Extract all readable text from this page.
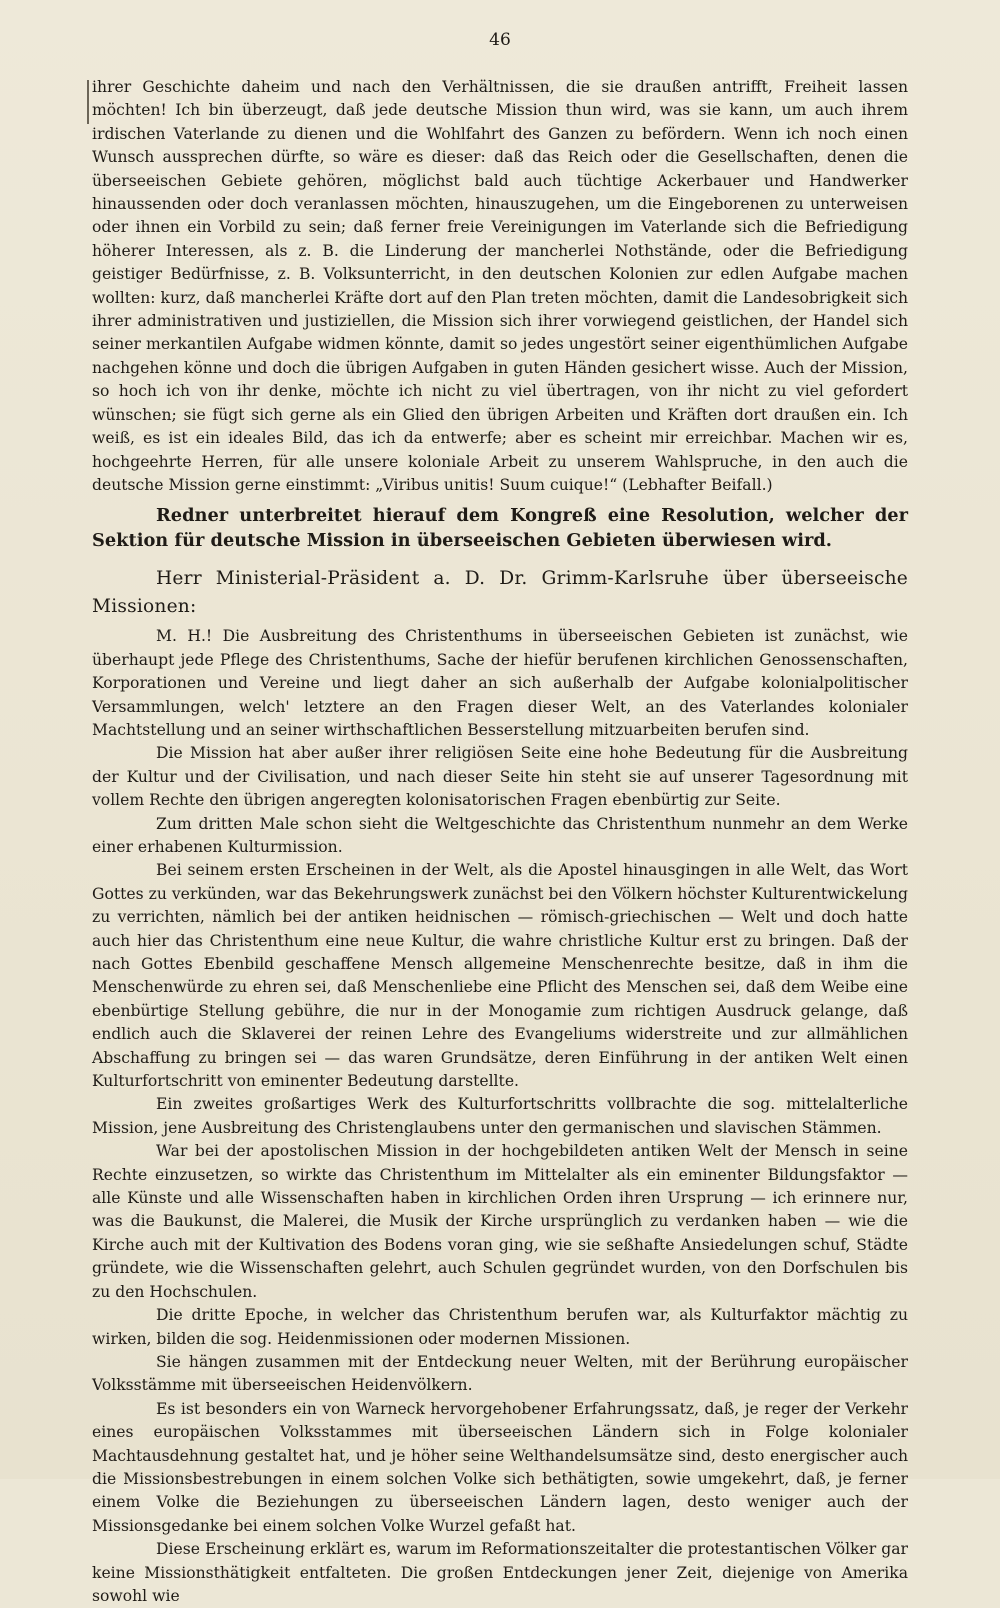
46

ihrer Geschichte daheim und nach den Verhältnissen, die sie draußen antrifft, Freiheit lassen möchten! Ich bin überzeugt, daß jede deutsche Mission thun wird, was sie kann, um auch ihrem irdischen Vaterlande zu dienen und die Wohlfahrt des Ganzen zu befördern. Wenn ich noch einen Wunsch aussprechen dürfte, so wäre es dieser: daß das Reich oder die Gesellschaften, denen die überseeischen Gebiete gehören, möglichst bald auch tüchtige Ackerbauer und Handwerker hinaussenden oder doch veranlassen möchten, hinauszugehen, um die Eingeborenen zu unterweisen oder ihnen ein Vorbild zu sein; daß ferner freie Vereinigungen im Vaterlande sich die Befriedigung höherer Interessen, als z. B. die Linderung der mancherlei Nothstände, oder die Befriedigung geistiger Bedürfnisse, z. B. Volksunterricht, in den deutschen Kolonien zur edlen Aufgabe machen wollten: kurz, daß mancherlei Kräfte dort auf den Plan treten möchten, damit die Landesobrigkeit sich ihrer administrativen und justiziellen, die Mission sich ihrer vorwiegend geistlichen, der Handel sich seiner merkantilen Aufgabe widmen könnte, damit so jedes ungestört seiner eigenthümlichen Aufgabe nachgehen könne und doch die übrigen Aufgaben in guten Händen gesichert wisse. Auch der Mission, so hoch ich von ihr denke, möchte ich nicht zu viel übertragen, von ihr nicht zu viel gefordert wünschen; sie fügt sich gerne als ein Glied den übrigen Arbeiten und Kräften dort draußen ein. Ich weiß, es ist ein ideales Bild, das ich da entwerfe; aber es scheint mir erreichbar. Machen wir es, hochgeehrte Herren, für alle unsere koloniale Arbeit zu unserem Wahlspruche, in den auch die deutsche Mission gerne einstimmt: „Viribus unitis! Suum cuique!“ (Lebhafter Beifall.)

Redner unterbreitet hierauf dem Kongreß eine Resolution, welcher der Sektion für deutsche Mission in überseeischen Gebieten überwiesen wird.

Herr Ministerial-Präsident a. D. Dr. Grimm-Karlsruhe über überseeische Missionen:

M. H.! Die Ausbreitung des Christenthums in überseeischen Gebieten ist zunächst, wie überhaupt jede Pflege des Christenthums, Sache der hiefür berufenen kirchlichen Genossenschaften, Korporationen und Vereine und liegt daher an sich außerhalb der Aufgabe kolonialpolitischer Versammlungen, welch' letztere an den Fragen dieser Welt, an des Vaterlandes kolonialer Machtstellung und an seiner wirthschaftlichen Besserstellung mitzuarbeiten berufen sind.

Die Mission hat aber außer ihrer religiösen Seite eine hohe Bedeutung für die Ausbreitung der Kultur und der Civilisation, und nach dieser Seite hin steht sie auf unserer Tagesordnung mit vollem Rechte den übrigen angeregten kolonisatorischen Fragen ebenbürtig zur Seite.

Zum dritten Male schon sieht die Weltgeschichte das Christenthum nunmehr an dem Werke einer erhabenen Kulturmission.

Bei seinem ersten Erscheinen in der Welt, als die Apostel hinausgingen in alle Welt, das Wort Gottes zu verkünden, war das Bekehrungswerk zunächst bei den Völkern höchster Kulturentwickelung zu verrichten, nämlich bei der antiken heidnischen — römisch-griechischen — Welt und doch hatte auch hier das Christenthum eine neue Kultur, die wahre christliche Kultur erst zu bringen. Daß der nach Gottes Ebenbild geschaffene Mensch allgemeine Menschenrechte besitze, daß in ihm die Menschenwürde zu ehren sei, daß Menschenliebe eine Pflicht des Menschen sei, daß dem Weibe eine ebenbürtige Stellung gebühre, die nur in der Monogamie zum richtigen Ausdruck gelange, daß endlich auch die Sklaverei der reinen Lehre des Evangeliums widerstreite und zur allmählichen Abschaffung zu bringen sei — das waren Grundsätze, deren Einführung in der antiken Welt einen Kulturfortschritt von eminenter Bedeutung darstellte.

Ein zweites großartiges Werk des Kulturfortschritts vollbrachte die sog. mittelalterliche Mission, jene Ausbreitung des Christenglaubens unter den germanischen und slavischen Stämmen.

War bei der apostolischen Mission in der hochgebildeten antiken Welt der Mensch in seine Rechte einzusetzen, so wirkte das Christenthum im Mittelalter als ein eminenter Bildungsfaktor — alle Künste und alle Wissenschaften haben in kirchlichen Orden ihren Ursprung — ich erinnere nur, was die Baukunst, die Malerei, die Musik der Kirche ursprünglich zu verdanken haben — wie die Kirche auch mit der Kultivation des Bodens voran ging, wie sie seßhafte Ansiedelungen schuf, Städte gründete, wie die Wissenschaften gelehrt, auch Schulen gegründet wurden, von den Dorfschulen bis zu den Hochschulen.

Die dritte Epoche, in welcher das Christenthum berufen war, als Kulturfaktor mächtig zu wirken, bilden die sog. Heidenmissionen oder modernen Missionen.

Sie hängen zusammen mit der Entdeckung neuer Welten, mit der Berührung europäischer Volksstämme mit überseeischen Heidenvölkern.

Es ist besonders ein von Warneck hervorgehobener Erfahrungssatz, daß, je reger der Verkehr eines europäischen Volksstammes mit überseeischen Ländern sich in Folge kolonialer Machtausdehnung gestaltet hat, und je höher seine Welthandelsumsätze sind, desto energischer auch die Missionsbestrebungen in einem solchen Volke sich bethätigten, sowie umgekehrt, daß, je ferner einem Volke die Beziehungen zu überseeischen Ländern lagen, desto weniger auch der Missionsgedanke bei einem solchen Volke Wurzel gefaßt hat.

Diese Erscheinung erklärt es, warum im Reformationszeitalter die protestantischen Völker gar keine Missionsthätigkeit entfalteten. Die großen Entdeckungen jener Zeit, diejenige von Amerika sowohl wie
